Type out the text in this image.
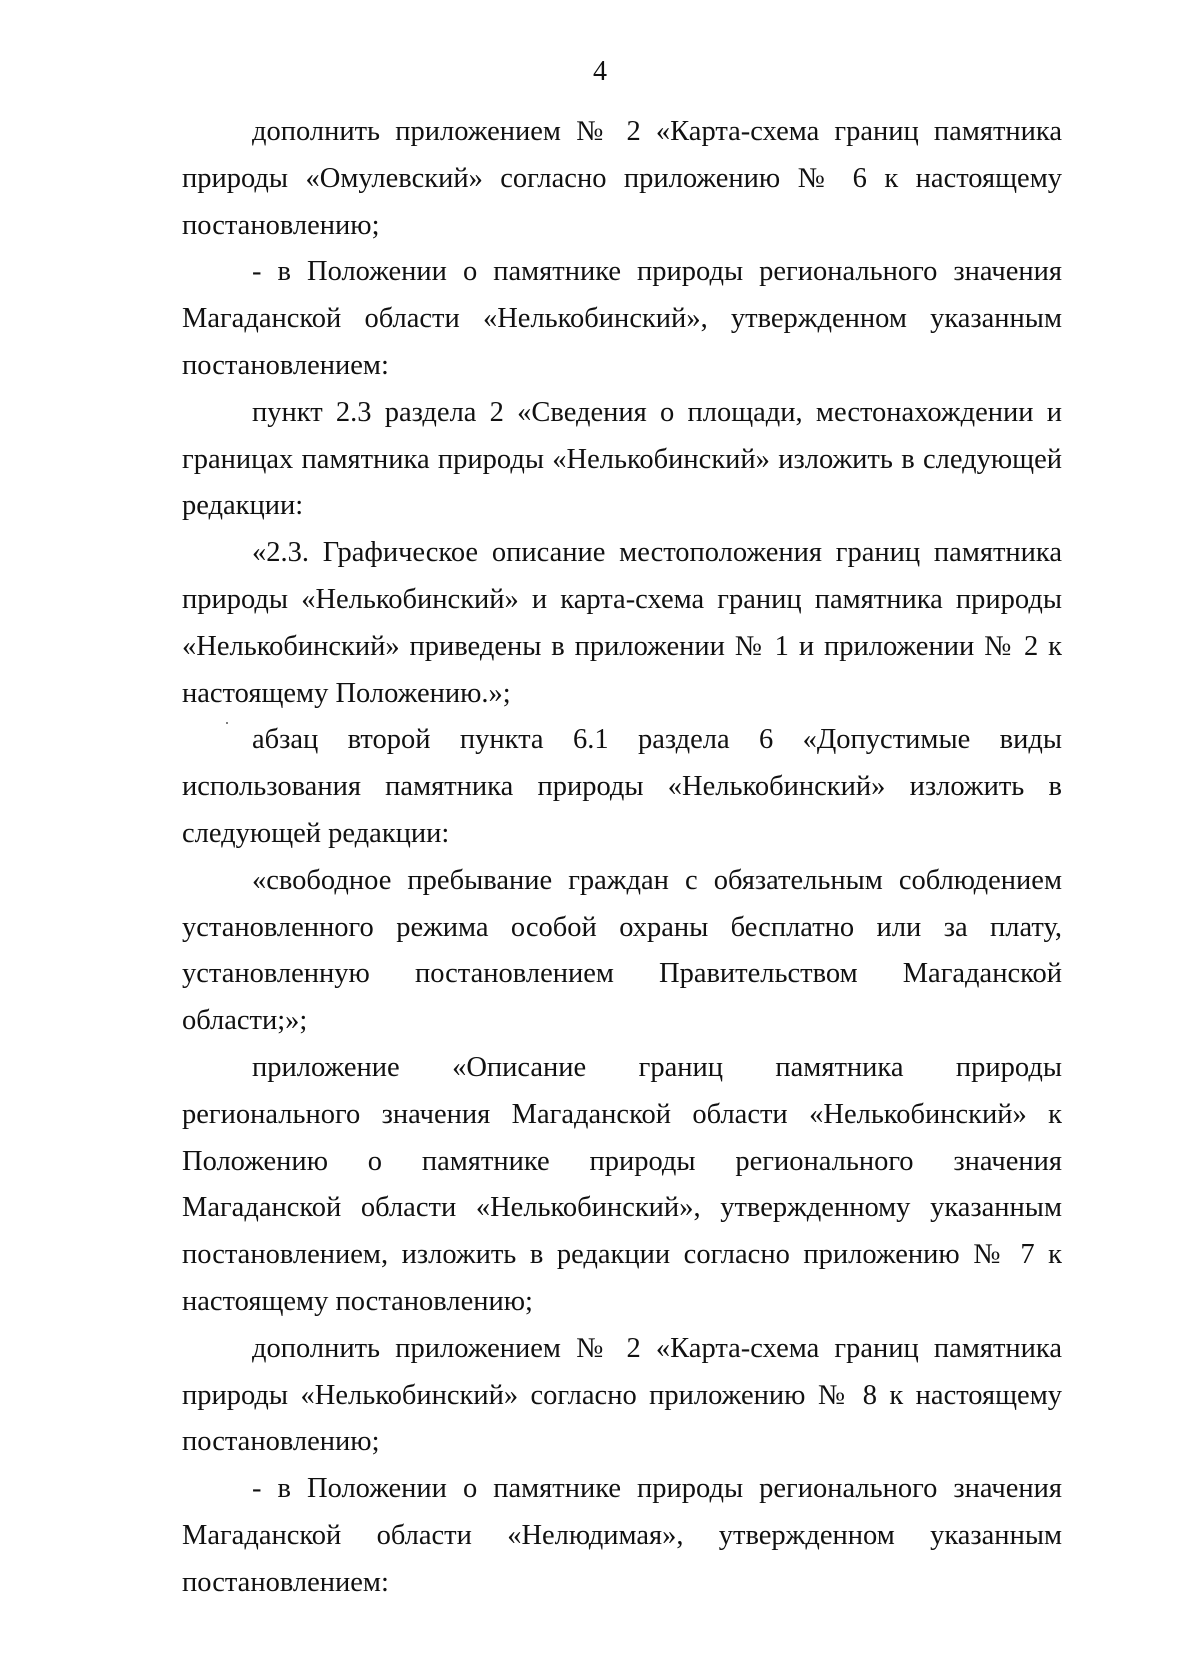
4

дополнить приложением № 2 «Карта-схема границ памятника природы «Омулевский» согласно приложению № 6 к настоящему постановлению;

- в Положении о памятнике природы регионального значения Магаданской области «Нелькобинский», утвержденном указанным постановлением:

пункт 2.3 раздела 2 «Сведения о площади, местонахождении и границах памятника природы «Нелькобинский» изложить в следующей редакции:

«2.3. Графическое описание местоположения границ памятника природы «Нелькобинский» и карта-схема границ памятника природы «Нелькобинский» приведены в приложении № 1 и приложении № 2 к настоящему Положению.»;

абзац второй пункта 6.1 раздела 6 «Допустимые виды использования памятника природы «Нелькобинский» изложить в следующей редакции:

«свободное пребывание граждан с обязательным соблюдением установленного режима особой охраны бесплатно или за плату, установленную постановлением Правительством Магаданской области;»;

приложение «Описание границ памятника природы регионального значения Магаданской области «Нелькобинский» к Положению о памятнике природы регионального значения Магаданской области «Нелькобинский», утвержденному указанным постановлением, изложить в редакции согласно приложению № 7 к настоящему постановлению;

дополнить приложением № 2 «Карта-схема границ памятника природы «Нелькобинский» согласно приложению № 8 к настоящему постановлению;

- в Положении о памятнике природы регионального значения Магаданской области «Нелюдимая», утвержденном указанным постановлением:
